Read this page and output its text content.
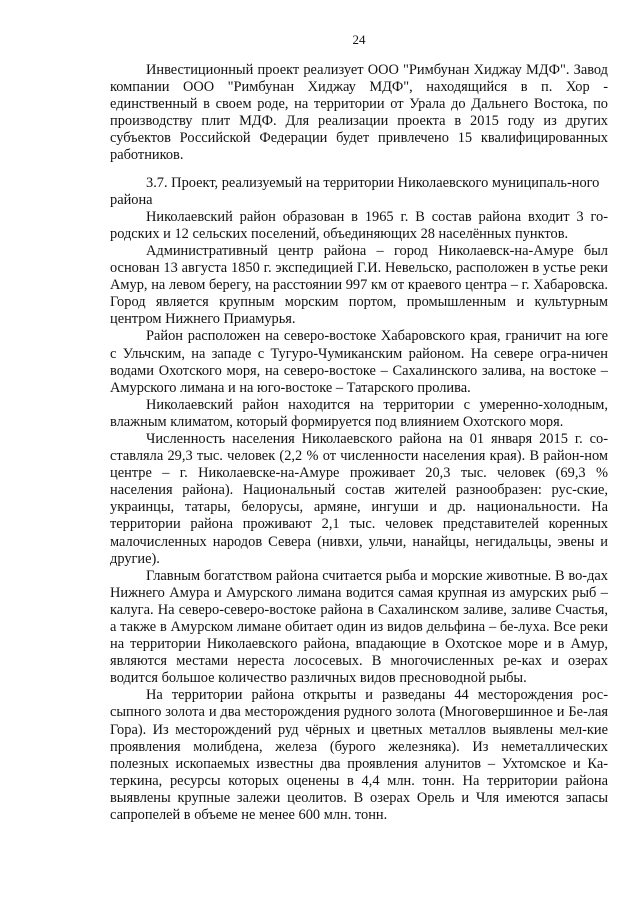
24

Инвестиционный проект реализует ООО "Римбунан Хиджау МДФ". Завод компании ООО "Римбунан Хиджау МДФ", находящийся в п. Хор - единственный в своем роде, на территории от Урала до Дальнего Востока, по производству плит МДФ. Для реализации проекта в 2015 году из других субъектов Российской Федерации будет привлечено 15 квалифицированных работников.

3.7. Проект, реализуемый на территории Николаевского муниципаль-ного района

Николаевский район образован в 1965 г. В состав района входит 3 го-родских и 12 сельских поселений, объединяющих 28 населённых пунктов.

Административный центр района – город Николаевск-на-Амуре был основан 13 августа 1850 г. экспедицией Г.И. Невельско, расположен в устье реки Амур, на левом берегу, на расстоянии 997 км от краевого центра – г. Хабаровска. Город является крупным морским портом, промышленным и культурным центром Нижнего Приамурья.

Район расположен на северо-востоке Хабаровского края, граничит на юге с Ульчским, на западе с Тугуро-Чумиканским районом. На севере огра-ничен водами Охотского моря, на северо-востоке – Сахалинского залива, на востоке – Амурского лимана и на юго-востоке – Татарского пролива.

Николаевский район находится на территории с умеренно-холодным, влажным климатом, который формируется под влиянием Охотского моря.

Численность населения Николаевского района на 01 января 2015 г. со-ставляла 29,3 тыс. человек (2,2 % от численности населения края). В район-ном центре – г. Николаевске-на-Амуре проживает 20,3 тыс. человек (69,3 % населения района). Национальный состав жителей разнообразен: рус-ские, украинцы, татары, белорусы, армяне, ингуши и др. национальности. На территории района проживают 2,1 тыс. человек представителей коренных малочисленных народов Севера (нивхи, ульчи, нанайцы, негидальцы, эвены и другие).

Главным богатством района считается рыба и морские животные. В во-дах Нижнего Амура и Амурского лимана водится самая крупная из амурских рыб – калуга. На северо-северо-востоке района в Сахалинском заливе, заливе Счастья, а также в Амурском лимане обитает один из видов дельфина – бе-луха. Все реки на территории Николаевского района, впадающие в Охотское море и в Амур, являются местами нереста лососевых. В многочисленных ре-ках и озерах водится большое количество различных видов пресноводной рыбы.

На территории района открыты и разведаны 44 месторождения рос-сыпного золота и два месторождения рудного золота (Многовершинное и Бе-лая Гора). Из месторождений руд чёрных и цветных металлов выявлены мел-кие проявления молибдена, железа (бурого железняка). Из неметаллических полезных ископаемых известны два проявления алунитов – Ухтомское и Ка-теркина, ресурсы которых оценены в 4,4 млн. тонн. На территории района выявлены крупные залежи цеолитов. В озерах Орель и Чля имеются запасы сапропелей в объеме не менее 600 млн. тонн.
